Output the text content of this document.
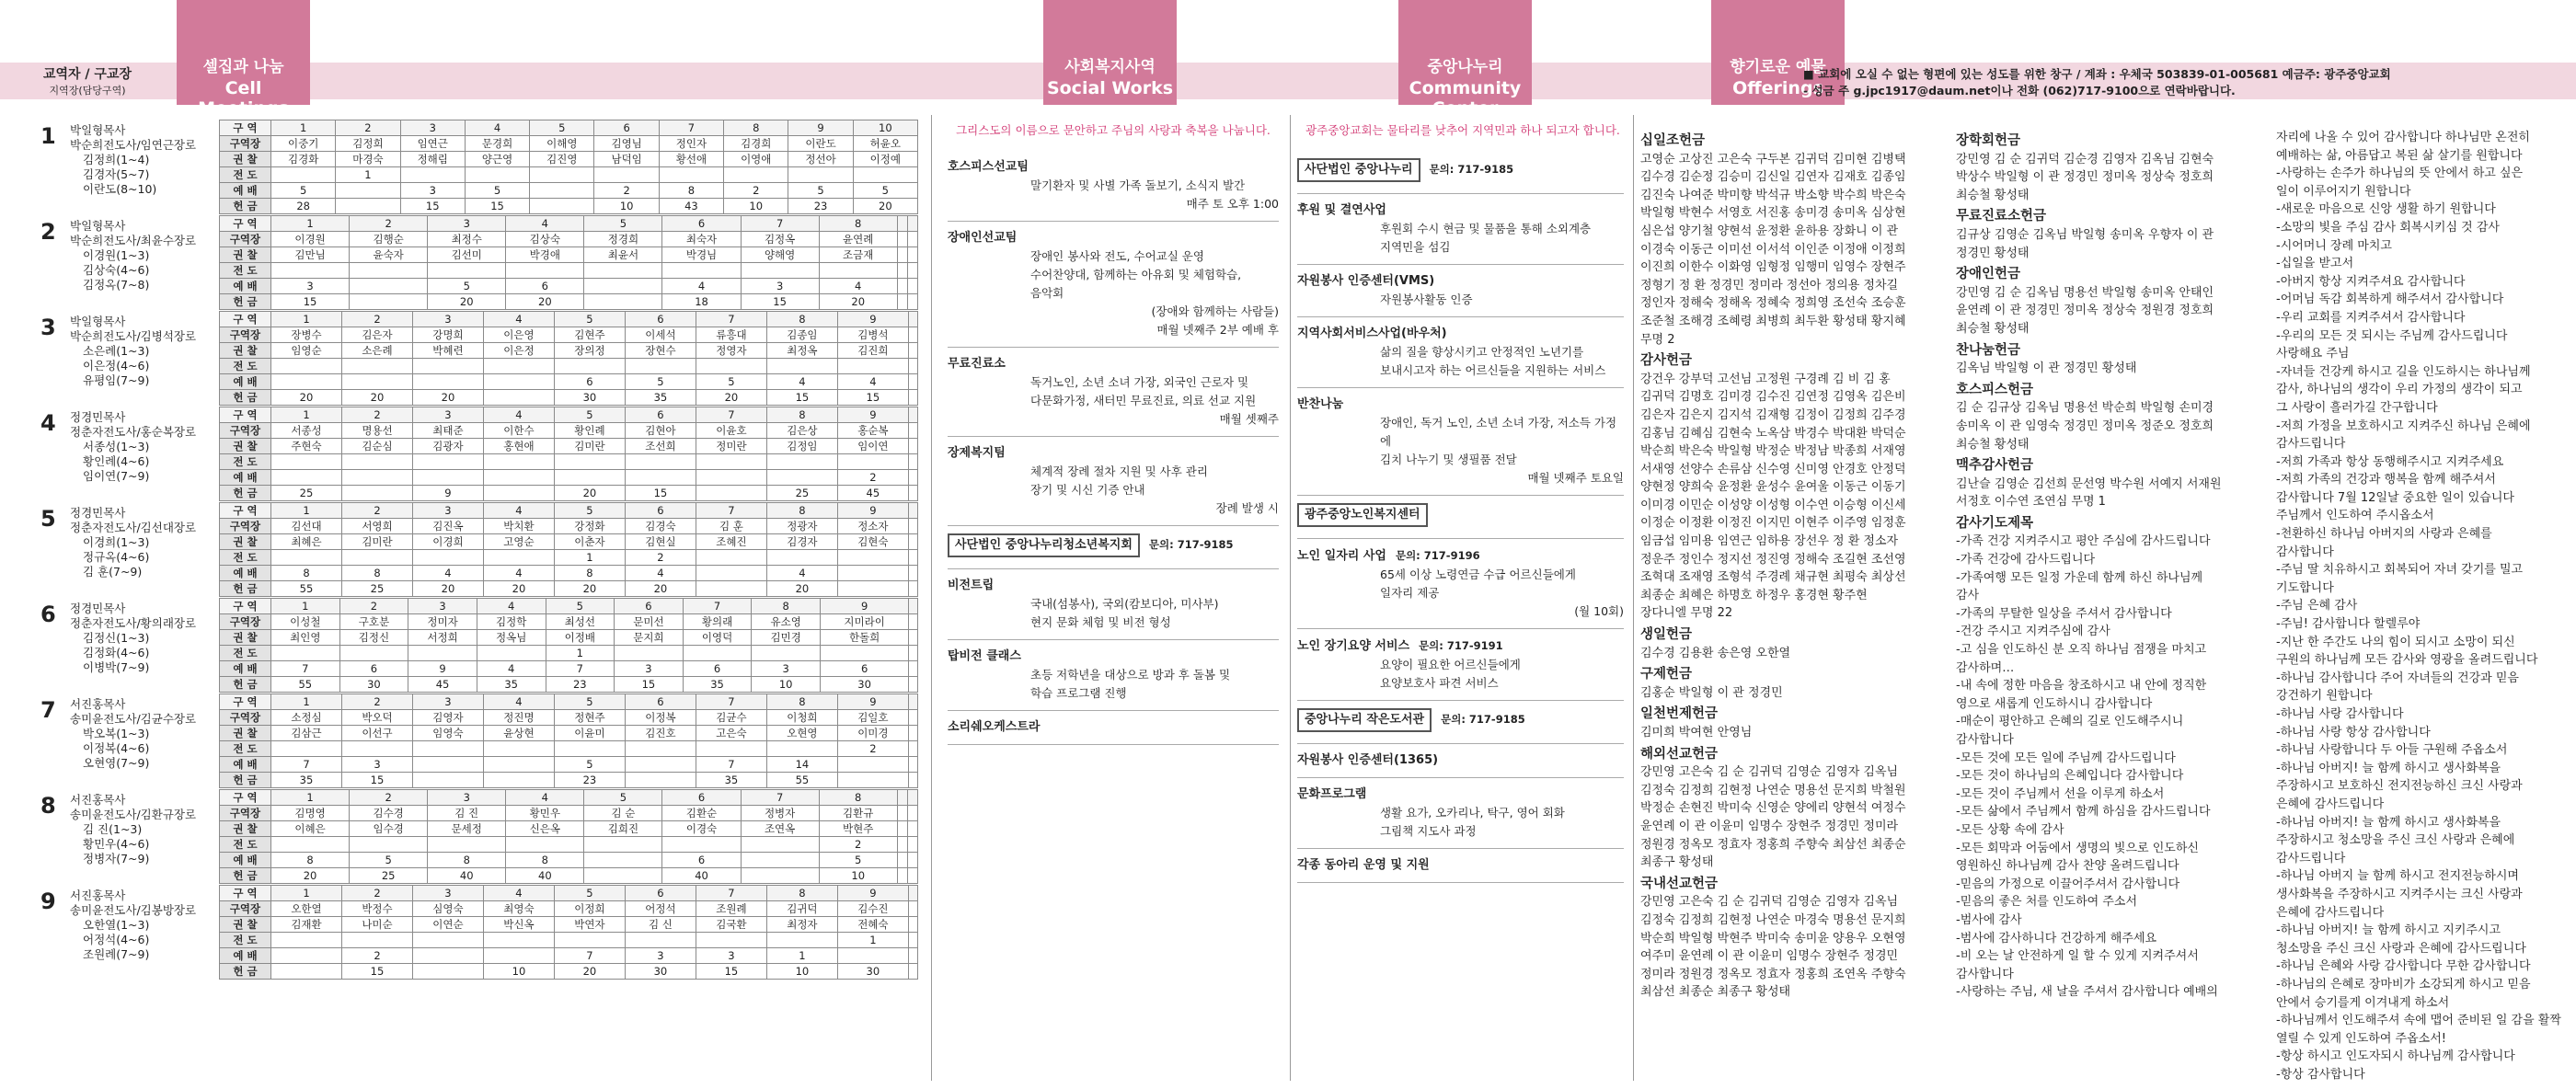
교역자 / 구교장
지역장(담당구역)
셀집과 나눔
Cell Meetings
사회복지사역
Social Works
중앙나누리
Community Center
향기로운 예물
Offerings
■ 교회에 오실 수 없는 형편에 있는 성도를 위한 창구 / 계좌 : 우체국 503839-01-005681 예금주: 광주중앙교회
- 성금 주 g.jpc1917@daum.net이나 전화 (062)717-9100으로 연락바랍니다.
1 박일형목사
박순희전도사/임연근장로
김정희(1~4)
김경자(5~7)
이란도(8~10)
구 역	1	2	3	4	5	6	7	8	9	10
구역장	이중기	김정희	임연근	문경희	이해영	김영님	정인자	김경희	이란도	허윤오
권 찰	김경화	마경숙	정해림	양근영	김진영	남덕임	황선애	이영애	정선아	이정예
전 도		1								
예 배	5		3	5		2	8	2	5	5
헌 금	28		15	15		10	43	10	23	20
2 박일형목사
박순희전도사/최윤수장로
이경원(1~3)
김상숙(4~6)
김정옥(7~8)
구 역	1	2	3	4	5	6	7	8		
구역장	이경원	김행순	최정수	김상숙	정경희	최숙자	김정옥	윤연례		
권 찰	김만님	윤숙자	김선미	박경애	최윤서	박경님	양해영	조금재		
전 도										
예 배	3		5	6		4	3	4		
헌 금	15		20	20		18	15	20		
3 박일형목사
박순희전도사/김병석장로
소은례(1~3)
이은정(4~6)
유평임(7~9)
구 역	1	2	3	4	5	6	7	8	9	
구역장	장병수	김은자	강명희	이은영	김현주	이세석	류흥대	김종임	김병석	
권 찰	임영순	소은례	박혜련	이은정	장의정	장현수	정영자	최정옥	김진희	
전 도										
예 배					6	5	5	4	4	
헌 금	20	20	20		30	35	20	15	15	
4 정경민목사
정춘자전도사/홍순복장로
서종성(1~3)
황인례(4~6)
임이연(7~9)
구 역	1	2	3	4	5	6	7	8	9	
구역장	서종성	명용선	최태준	이한수	황인례	김현아	이윤호	김은상	홍순복	
권 찰	주현숙	김순심	김광자	홍현애	김미란	조선희	정미란	김정임	임이연	
전 도										
예 배									2	
헌 금	25		9		20	15		25	45	
5 정경민목사
정춘자전도사/김선대장로
이경희(1~3)
정규옥(4~6)
김 훈(7~9)
구 역	1	2	3	4	5	6	7	8	9	
구역장	김선대	서영희	김진옥	박치환	강정화	김경숙	김 훈	정광자	정소자	
권 찰	최혜은	김미란	이경희	고영순	이춘자	김현실	조혜진	김경자	김현숙	
전 도					1	2				
예 배	8	8	4	4	8	4		4		
헌 금	55	25	20	20	20	20		20		
6 정경민목사
정춘자전도사/황의래장로
김정신(1~3)
김정화(4~6)
이병박(7~9)
구 역	1	2	3	4	5	6	7	8	9	
구역장	이성철	구호분	정미자	김정학	최성선	문미선	황의래	유소영	지미라이	
권 찰	최인영	김정신	서정희	정옥님	이정배	문지희	이영덕	김민경	한돌희	
전 도					1					
예 배	7	6	9	4	7	3	6	3	6	
헌 금	55	30	45	35	23	15	35	10	30	
7 서진홍목사
송미윤전도사/김균수장로
박오복(1~3)
이정복(4~6)
오현영(7~9)
구 역	1	2	3	4	5	6	7	8	9	
구역장	소정심	박오덕	김영자	정진명	정현주	이정복	김균수	이청희	김일호	
권 찰	김삼근	이선구	임영숙	윤상현	이윤미	김진호	고은숙	오현영	이미경	
전 도									2	
예 배	7	3			5		7	14		
헌 금	35	15			23		35	55		
8 서진홍목사
송미윤전도사/김환규장로
김 진(1~3)
황민우(4~6)
정병자(7~9)
구 역	1	2	3	4	5	6	7	8		
구역장	김명영	김수경	김 진	황민우	김 순	김환순	정병자	김환규		
권 찰	이혜은	임수경	문세정	신은옥	김희진	이경숙	조연옥	박현주		
전 도								2		
예 배	8	5	8	8		6		5		
헌 금	20	25	40	40		40		10		
9 서진홍목사
송미윤전도사/김봉방장로
오한열(1~3)
어정석(4~6)
조원례(7~9)
구 역	1	2	3	4	5	6	7	8	9	
구역장	오한열	박정수	심영숙	최영숙	이정희	어정석	조원례	김귀덕	김수진	
권 찰	김재환	나미순	이연순	박신옥	박연자	김 신	김국환	최정자	전혜숙	
전 도									1	
예 배		2			7	3	3	1		
헌 금		15		10	20	30	15	10	30	
그리스도의 이름으로 문안하고 주님의 사랑과 축복을 나눕니다.
호스피스선교팀
말기환자 및 사별 가족 돌보기, 소식지 발간
매주 토 오후 1:00
장애인선교팀
장애인 봉사와 전도, 수어교실 운영
수어찬양대, 함께하는 아유회 및 체험학습,
음악회
(장애와 함께하는 사람들)
매월 넷째주 2부 예배 후
무료진료소
독거노인, 소년 소녀 가장, 외국인 근로자 및
다문화가정, 새터민 무료진료, 의료 선교 지원
매월 셋째주
장제복지팀
체계적 장례 절차 지원 및 사후 관리
장기 및 시신 기증 안내
장례 발생 시
사단법인 중앙나누리청소년복지회 문의: 717-9185
비전트립
국내(섬봉사), 국외(캄보디아, 미사부)
현지 문화 체험 및 비전 형성
탑비전 클래스
초등 저학년을 대상으로 방과 후 돌봄 및
학습 프로그램 진행
소리쉐오케스트라
광주중앙교회는 물타리를 낮추어 지역민과 하나 되고자 합니다.
사단법인 중앙나누리 문의: 717-9185
후원 및 결연사업
후원회 수시 현금 및 물품을 통해 소외계층
지역민을 섬김
자원봉사 인증센터(VMS)
자원봉사활동 인증
지역사회서비스사업(바우처)
삶의 질을 향상시키고 안정적인 노년기를
보내시고자 하는 어르신들을 지원하는 서비스
반찬나눔
장애인, 독거 노인, 소년 소녀 가장, 저소득 가정에
김치 나누기 및 생필품 전달
매월 넷째주 토요일
광주중앙노인복지센터
노인 일자리 사업 문의: 717-9196
65세 이상 노령연금 수급 어르신들에게
일자리 제공
(월 10회)
노인 장기요양 서비스 문의: 717-9191
요양이 필요한 어르신들에게
요양보호사 파견 서비스
중앙나누리 작은도서관 문의: 717-9185
자원봉사 인증센터(1365)
문화프로그램
생활 요가, 오카리나, 탁구, 영어 회화
그림책 지도사 과정
각종 동아리 운영 및 지원
십일조헌금
고영순 고상진 고은숙 구두본 김귀덕 김미현 김병택
김수경 김순정 김승미 김신일 김연자 김재호 김종임
김진숙 나여준 박미향 박석규 박소향 박수희 박은숙
박일형 박현수 서영호 서진홍 송미경 송미옥 심상현
심은섭 양기철 양현석 윤정환 윤하용 장화니 이 관
이경숙 이동근 이미선 이서석 이인준 이정애 이정희
이진희 이한수 이화영 임형정 임행미 임영수 장현주
정형기 정 환 정경민 정미라 정선아 정의용 정차길
정인자 정해숙 정해옥 정혜숙 정희영 조선숙 조승훈
조준철 조해경 조혜령 최병희 최두환 황성태 황지혜
무명 2
감사헌금
강건우 강부덕 고선님 고정원 구경례 김 비 김 홍
김귀덕 김명호 김미경 김수진 김연정 김영옥 김은비
김은자 김은지 김지석 김재형 김정이 김정희 김주경
김홍님 김혜심 김현숙 노옥삼 박경수 박대환 박덕순
박순희 박은숙 박일형 박정순 박정남 박종희 서재영
서새영 선양수 손류삼 신수영 신미영 안경호 안정덕
양현정 양희숙 윤정환 윤성수 윤여울 이동근 이동기
이미경 이민순 이성양 이성형 이수연 이승형 이신세
이정순 이정환 이정진 이지민 이현주 이주영 임정훈
임금섭 임미용 임연근 임하용 장선우 정 환 정소자
정운주 정인수 정지선 정진영 정해숙 조길현 조선영
조혁대 조재영 조형석 주경례 채규현 최평숙 최상선
최종순 최혜은 하명호 하정우 홍경현 황주현
장다니엘 무명 22
생일헌금
김수경 김용환 송은영 오한열
구제헌금
김홍순 박일형 이 관 정경민
일천번제헌금
김미희 박여현 안영님
해외선교헌금
강민영 고은숙 김 순 김귀덕 김영순 김영자 김옥님
김정숙 김정희 김현정 나연순 명용선 문지희 박철원
박정순 손현진 박미숙 신영순 양에리 양현석 여정수
윤연례 이 관 이윤미 임명수 장현주 정경민 정미라
정원경 정옥모 정효자 정홍희 주향숙 최삼선 최종순
최종구 황성태
국내선교헌금
강민영 고은숙 김 순 김귀덕 김영순 김영자 김옥님
김정숙 김정희 김현정 나연순 마경숙 명용선 문지희
박순희 박일형 박현주 박미숙 송미윤 양용우 오현영
여주미 윤연례 이 관 이윤미 임명수 장현주 정경민
정미라 정원경 정옥모 정효자 정홍희 조연옥 주향숙
최삼선 최종순 최종구 황성태
장학회헌금
강민영 김 순 김귀덕 김순경 김영자 김옥님 김현숙
박상수 박일형 이 관 정경민 정미옥 정상숙 정호희
최승철 황성태
무료진료소헌금
김규상 김영순 김옥님 박일형 송미옥 우향자 이 관
정경민 황성태
장애인헌금
강민영 김 순 김옥님 명용선 박일형 송미옥 안태인
윤연례 이 관 정경민 정미옥 정상숙 정원경 정호희
최승철 황성태
찬나눔헌금
김옥님 박일형 이 관 정경민 황성태
호스피스헌금
김 순 김규상 김옥님 명용선 박순희 박일형 손미경
송미옥 이 관 임영숙 정경민 정미옥 정준오 정호희
최승철 황성태
맥추감사헌금
김난슬 김영순 김선희 문선영 박수원 서예지 서재원
서정호 이수연 조연심 무명 1
감사기도제목
-가족 건강 지켜주시고 평안 주심에 감사드립니다
-가족 건강에 감사드립니다
-가족여행 모든 일정 가운데 함께 하신 하나님께
감사
-가족의 무탈한 일상을 주셔서 감사합니다
-건강 주시고 지켜주심에 감사
-고 심을 인도하신 분 오직 하나님 점쟁을 마치고
감사하며…
-내 속에 정한 마음을 창조하시고 내 안에 정직한
영으로 새롭게 인도하시니 감사합니다
-매순이 평안하고 은혜의 길로 인도해주시니
감사합니다
-모든 것에 모든 일에 주님께 감사드립니다
-모든 것이 하나님의 은혜입니다 감사합니다
-모든 것이 주님께서 선을 이루게 하소서
-모든 삶에서 주님께서 함께 하심을 감사드립니다
-모든 상황 속에 감사
-모든 회막과 어둠에서 생명의 빛으로 인도하신
영원하신 하나님께 감사 찬양 올려드립니다
-믿음의 가정으로 이끌어주셔서 감사합니다
-믿음의 좋은 처를 인도하여 주소서
-범사에 감사
-범사에 감사하니다 건강하게 해주세요
-비 오는 날 안전하게 일 할 수 있게 지켜주셔서
감사합니다
-사랑하는 주님, 새 날을 주셔서 감사합니다 예배의
자리에 나올 수 있어 감사합니다 하나님만 온전히
예배하는 삶, 아름답고 복된 삶 살기를 원합니다
-사랑하는 손주가 하나님의 뜻 안에서 하고 싶은
일이 이루어지기 원합니다
-새로운 마음으로 신앙 생활 하기 원합니다
-소망의 빛을 주심 감사 회복시키심 것 감사
-시어머니 장례 마치고
-십일을 받고서
-아버지 항상 지켜주셔요 감사합니다
-어머님 독감 회복하게 해주셔서 감사합니다
-우리 교회를 지켜주셔서 감사합니다
-우리의 모든 것 되시는 주님께 감사드립니다
사랑해요 주님
-자녀들 건강케 하시고 길을 인도하시는 하나님께
감사, 하나님의 생각이 우리 가정의 생각이 되고
그 사랑이 흘러가길 간구합니다
-저희 가정을 보호하시고 지켜주신 하나님 은혜에
감사드립니다
-저희 가족과 항상 동행해주시고 지켜주세요
-저희 가족의 건강과 행복을 함께 해주셔서
감사합니다 7월 12일날 중요한 일이 있습니다
주님께서 인도하여 주시옵소서
-천환하신 하나님 아버지의 사랑과 은혜를
감사합니다
-주님 딸 치유하시고 회복되어 자녀 갖기를 밀고
기도합니다
-주님 은혜 감사
-주님! 감사합니다 할렐루야
-지난 한 주간도 나의 힘이 되시고 소망이 되신
구원의 하나님께 모든 감사와 영광을 올려드립니다
-하나님 감사합니다 주어 자녀들의 건강과 믿음
강건하기 원합니다
-하나님 사랑 감사합니다
-하나님 사랑 항상 감사합니다
-하나님 사랑합니다 두 아들 구원해 주옵소서
-하나님 아버지! 늘 함께 하시고 생사화복을
주장하시고 보호하신 전지전능하신 크신 사랑과
은혜에 감사드립니다
-하나님 아버지! 늘 함께 하시고 생사화복을
주장하시고 청소망을 주신 크신 사랑과 은혜에
감사드립니다
-하나님 아버지 늘 함께 하시고 전지전능하시며
생사화복을 주장하시고 지켜주시는 크신 사랑과
은혜에 감사드립니다
-하나님 아버지! 늘 함께 하시고 지키주시고
청소망을 주신 크신 사랑과 은혜에 감사드립니다
-하나님 은혜와 사랑 감사합니다 무한 감사합니다
-하나님의 은혜로 장마비가 소강되게 하시고 믿음
안에서 승기를게 이겨내게 하소서
-하나님께서 인도해주셔 속에 맵어 준비된 일 감을 활짝
열릴 수 있게 인도하여 주옵소서!
-항상 하시고 인도자되시 하나님께 감사합니다
-항상 감사합니다
